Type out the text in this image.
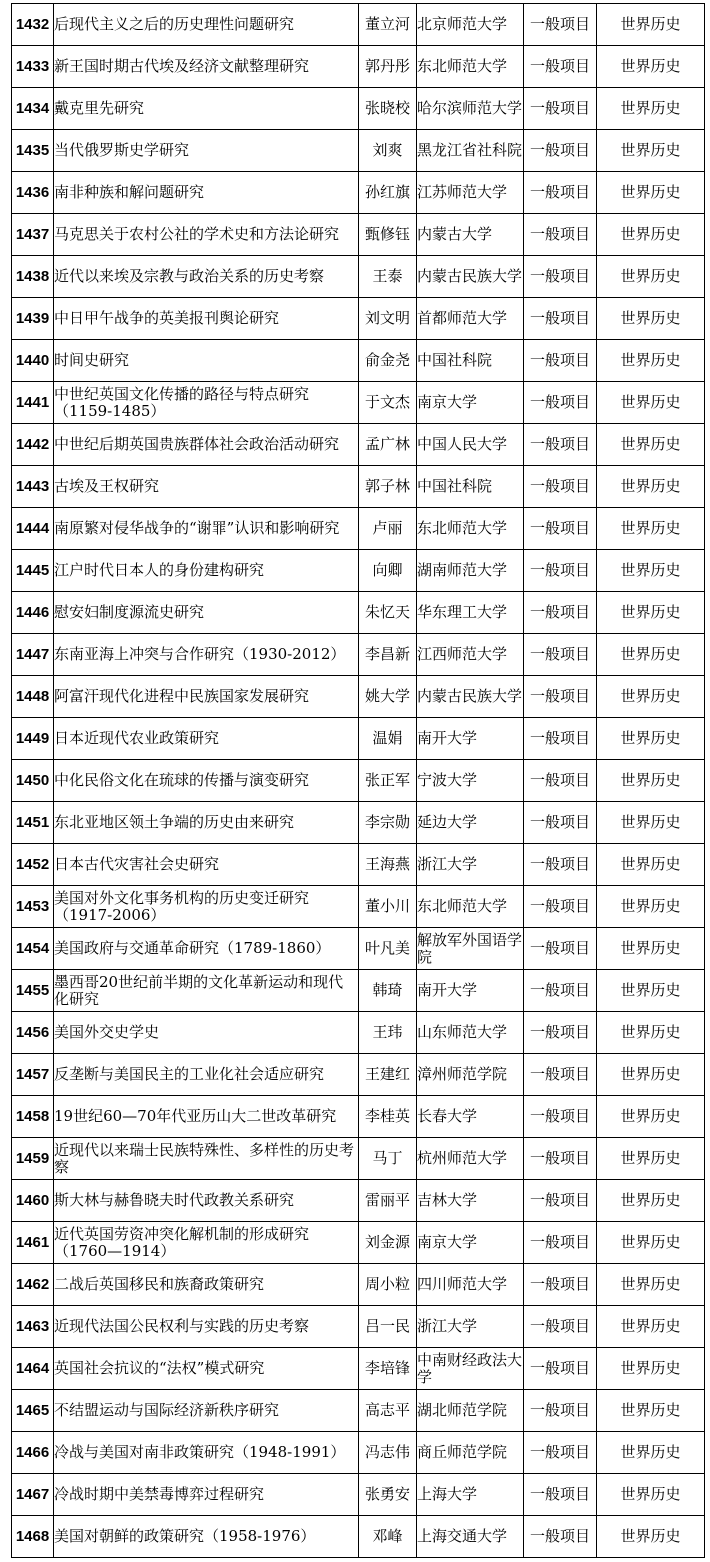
1432	后现代主义之后的历史理性问题研究	董立河	北京师范大学	一般项目	世界历史
1433	新王国时期古代埃及经济文献整理研究	郭丹彤	东北师范大学	一般项目	世界历史
1434	戴克里先研究	张晓校	哈尔滨师范大学	一般项目	世界历史
1435	当代俄罗斯史学研究	刘爽	黑龙江省社科院	一般项目	世界历史
1436	南非种族和解问题研究	孙红旗	江苏师范大学	一般项目	世界历史
1437	马克思关于农村公社的学术史和方法论研究	甄修钰	内蒙古大学	一般项目	世界历史
1438	近代以来埃及宗教与政治关系的历史考察	王泰	内蒙古民族大学	一般项目	世界历史
1439	中日甲午战争的英美报刊舆论研究	刘文明	首都师范大学	一般项目	世界历史
1440	时间史研究	俞金尧	中国社科院	一般项目	世界历史
1441	中世纪英国文化传播的路径与特点研究（1159-1485）	于文杰	南京大学	一般项目	世界历史
1442	中世纪后期英国贵族群体社会政治活动研究	孟广林	中国人民大学	一般项目	世界历史
1443	古埃及王权研究	郭子林	中国社科院	一般项目	世界历史
1444	南原繁对侵华战争的“谢罪”认识和影响研究	卢丽	东北师范大学	一般项目	世界历史
1445	江户时代日本人的身份建构研究	向卿	湖南师范大学	一般项目	世界历史
1446	慰安妇制度源流史研究	朱忆天	华东理工大学	一般项目	世界历史
1447	东南亚海上冲突与合作研究（1930-2012）	李昌新	江西师范大学	一般项目	世界历史
1448	阿富汗现代化进程中民族国家发展研究	姚大学	内蒙古民族大学	一般项目	世界历史
1449	日本近现代农业政策研究	温娟	南开大学	一般项目	世界历史
1450	中化民俗文化在琉球的传播与演变研究	张正军	宁波大学	一般项目	世界历史
1451	东北亚地区领土争端的历史由来研究	李宗勋	延边大学	一般项目	世界历史
1452	日本古代灾害社会史研究	王海燕	浙江大学	一般项目	世界历史
1453	美国对外文化事务机构的历史变迁研究（1917-2006）	董小川	东北师范大学	一般项目	世界历史
1454	美国政府与交通革命研究（1789-1860）	叶凡美	解放军外国语学院	一般项目	世界历史
1455	墨西哥20世纪前半期的文化革新运动和现代化研究	韩琦	南开大学	一般项目	世界历史
1456	美国外交史学史	王玮	山东师范大学	一般项目	世界历史
1457	反垄断与美国民主的工业化社会适应研究	王建红	漳州师范学院	一般项目	世界历史
1458	19世纪60—70年代亚历山大二世改革研究	李桂英	长春大学	一般项目	世界历史
1459	近现代以来瑞士民族特殊性、多样性的历史考察	马丁	杭州师范大学	一般项目	世界历史
1460	斯大林与赫鲁晓夫时代政教关系研究	雷丽平	吉林大学	一般项目	世界历史
1461	近代英国劳资冲突化解机制的形成研究（1760—1914）	刘金源	南京大学	一般项目	世界历史
1462	二战后英国移民和族裔政策研究	周小粒	四川师范大学	一般项目	世界历史
1463	近现代法国公民权利与实践的历史考察	吕一民	浙江大学	一般项目	世界历史
1464	英国社会抗议的“法权”模式研究	李培锋	中南财经政法大学	一般项目	世界历史
1465	不结盟运动与国际经济新秩序研究	高志平	湖北师范学院	一般项目	世界历史
1466	冷战与美国对南非政策研究（1948-1991）	冯志伟	商丘师范学院	一般项目	世界历史
1467	冷战时期中美禁毒博弈过程研究	张勇安	上海大学	一般项目	世界历史
1468	美国对朝鲜的政策研究（1958-1976）	邓峰	上海交通大学	一般项目	世界历史
